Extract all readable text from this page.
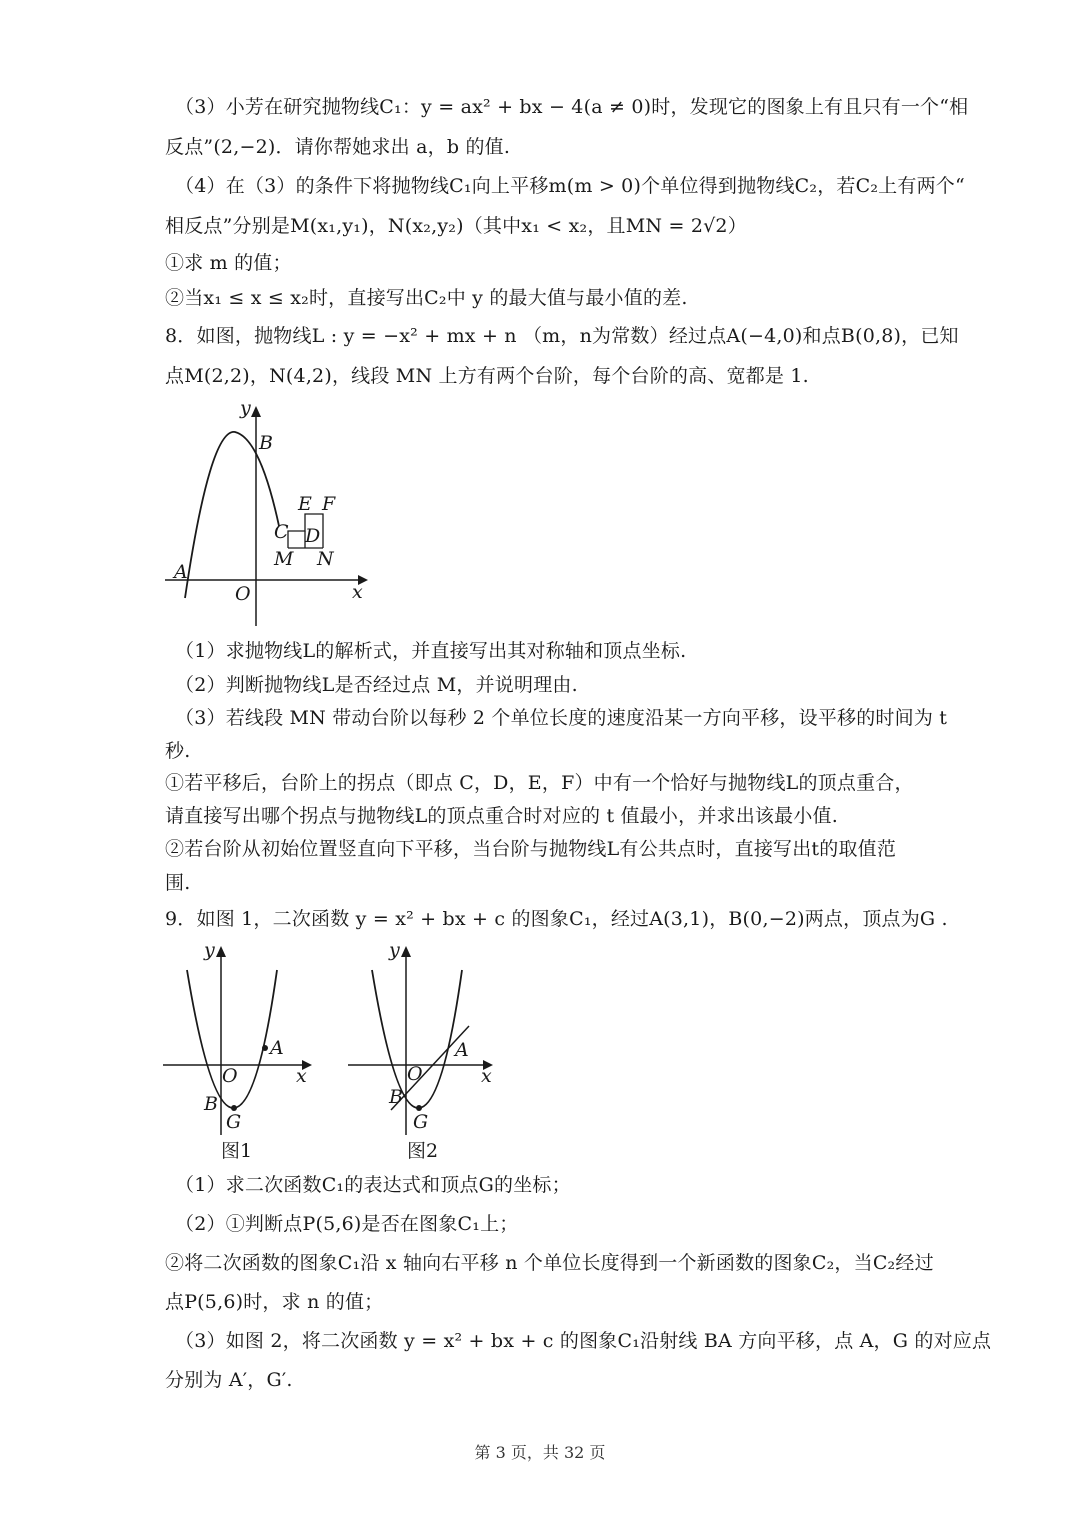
（3）小芳在研究抛物线C₁：y = ax² + bx − 4(a ≠ 0)时，发现它的图象上有且只有一个“相
反点”(2,−2)．请你帮她求出 a，b 的值.
（4）在（3）的条件下将抛物线C₁向上平移m(m > 0)个单位得到抛物线C₂，若C₂上有两个“
相反点”分别是M(x₁,y₁)，N(x₂,y₂)（其中x₁ < x₂，且MN = 2√2）
①求 m 的值；
②当x₁ ≤ x ≤ x₂时，直接写出C₂中 y 的最大值与最小值的差.
8．如图，抛物线L : y = −x² + mx + n （m，n为常数）经过点A(−4,0)和点B(0,8)，已知
点M(2,2)，N(4,2)，线段 MN 上方有两个台阶，每个台阶的高、宽都是 1.
y
x
O
A
B
C D
E F
M N
（1）求抛物线L的解析式，并直接写出其对称轴和顶点坐标.
（2）判断抛物线L是否经过点 M，并说明理由.
（3）若线段 MN 带动台阶以每秒 2 个单位长度的速度沿某一方向平移，设平移的时间为 t
秒.
①若平移后，台阶上的拐点（即点 C，D，E，F）中有一个恰好与抛物线L的顶点重合，
请直接写出哪个拐点与抛物线L的顶点重合时对应的 t 值最小，并求出该最小值.
②若台阶从初始位置竖直向下平移，当台阶与抛物线L有公共点时，直接写出t的取值范
围.
9．如图 1，二次函数 y = x² + bx + c 的图象C₁，经过A(3,1)，B(0,−2)两点，顶点为G .
y
x
O
A
B
G
图1
y
x
O
A
B
G
图2
（1）求二次函数C₁的表达式和顶点G的坐标；
（2）①判断点P(5,6)是否在图象C₁上；
②将二次函数的图象C₁沿 x 轴向右平移 n 个单位长度得到一个新函数的图象C₂，当C₂经过
点P(5,6)时，求 n 的值；
（3）如图 2，将二次函数 y = x² + bx + c 的图象C₁沿射线 BA 方向平移，点 A，G 的对应点
分别为 A′，G′.
第 3 页，共 32 页
